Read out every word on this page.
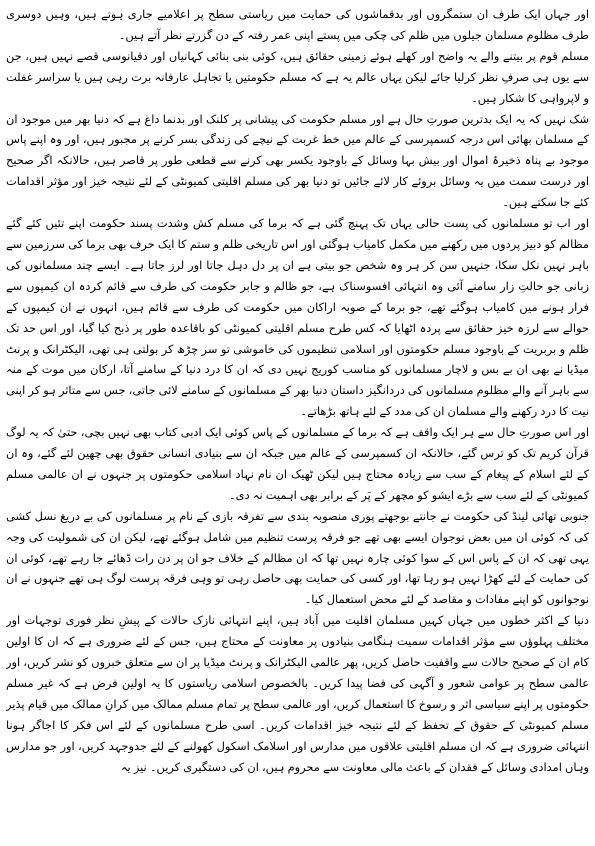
اور جہاں ایک طرف ان ستمگروں اور بدقماشوں کی حمایت میں ریاستی سطح پر اعلامیے جاری ہوتے ہیں، وہیں دوسری طرف مظلوم مسلمان جیلوں میں ظلم کی چکی میں پستے اپنی عمر رفتہ کے دن گزرتے نظر آتے ہیں۔

مسلم قوم پر بیتنے والے یہ واضح اور کھلے ہوئے زمینی حقائق ہیں، کوئی بنی بنائی کہانیاں اور دقیانوسی قصے نہیں ہیں، جن سے یوں ہی صرفِ نظر کرلیا جائے لیکن یہاں عالم یہ ہے کہ مسلم حکومتیں یا تجاہل عارفانہ برت رہی ہیں یا سراسر غفلت و لاپرواہی کا شکار ہیں۔

شک نہیں کہ یہ ایک بدترین صورتِ حال ہے اور مسلم حکومت کی پیشانی پر کلنک اور بدنما داغ ہے کہ دنیا بھر میں موجود ان کے مسلمان بھائی اس درجہ کسمپرسی کے عالم میں خط غربت کے نیچے کی زندگی بسر کرنے پر مجبور ہیں، اور وہ اپنے پاس موجود بے پناہ ذخیرۂ اموال اور بیش بہا وسائل کے باوجود یکسر بھی کرنے سے قطعی طور پر قاصر ہیں، حالانکہ اگر صحیح اور درست سمت میں یہ وسائل بروئے کار لائے جائیں تو دنیا بھر کی مسلم اقلیتی کمیونٹی کے لئے نتیجہ خیز اور مؤثر اقدامات کئے جا سکتے ہیں۔

اور اب تو مسلمانوں کی پست حالی یہاں تک پہنچ گئی ہے کہ برما کی مسلم کش وشدت پسند حکومت اپنے تئیں کئے گئے مظالم کو دبیز پردوں میں رکھنے میں مکمل کامیاب ہوگئی اور اس تاریخی ظلم و ستم کا ایک حرف بھی برما کی سرزمین سے باہر نہیں نکل سکا، جنہیں سن کر ہر وہ شخص جو بیتی ہے ان پر دل دہل جاتا اور لرز جاتا ہے۔ ایسے چند مسلمانوں کی زبانی جو حالتِ زار سامنے آئی وہ انتہائی افسوسناک ہے، جو ظالم و جابر حکومت کی طرف سے قائم کردہ ان کیمپوں سے فرار ہونے میں کامیاب ہوگئے تھے، جو برما کے صوبہ اراکان میں حکومت کی طرف سے قائم ہیں، انہوں نے ان کیمپوں کے حوالے سے لرزہ خیز حقائق سے پردہ اٹھایا کہ کس طرح مسلم اقلیتی کمیونٹی کو باقاعدہ طور پر ذبح کیا گیا، اور اس حد تک ظلم و بربریت کے باوجود مسلم حکومتوں اور اسلامی تنظیموں کی خاموشی تو سر چڑھ کر بولتی ہی تھی، الیکٹرانک و پرنٹ میڈیا نے بھی ان بے بس و لاچار مسلمانوں کو مناسب کوریج نہیں دی کہ ان کا درد دنیا کے سامنے آتا، ارکان میں موت کے منہ سے باہر آنے والے مظلوم مسلمانوں کی دردانگیز داستان دنیا بھر کے مسلمانوں کے سامنے لائی جاتی، جس سے متاثر ہو کر اپنی نیت کا درد رکھنے والے مسلمان ان کی مدد کے لئے ہاتھ بڑھاتے۔

اور اس صورتِ حال سے ہر ایک واقف ہے کہ برما کے مسلمانوں کے پاس کوئی ایک ادبی کتاب بھی نہیں بچی، حتیٰ کہ یہ لوگ قرآن کریم تک کو ترس گئے، حالانکہ ان کسمپرسی کے عالم میں جبکہ ان سے بنیادی انسانی حقوق بھی چھین لئے گئے، وہ ان کے لئے اسلام کے پیغام کے سب سے زیادہ محتاج ہیں لیکن ٹھیک ان نام نہاد اسلامی حکومتوں پر جنہوں نے ان عالمی مسلم کمیونٹی کے لئے سب سے بڑے ایشو کو مچھر کے پَر کے برابر بھی اہمیت نہ دی۔

جنوبی تھائی لینڈ کی حکومت نے جانتے بوجھتے پوری منصوبہ بندی سے تفرقہ بازی کے نام پر مسلمانوں کی بے دریغ نسل کشی کی کہ کوئی ان میں بعض نوجوان ایسے بھی تھے جو فرقہ پرست تنظیم میں شامل ہوگئے تھے، لیکن ان کی شمولیت کی وجہ یہی تھی کہ ان کے پاس اس کے سوا کوئی چارہ نہیں تھا کہ ان مظالم کے خلاف جو ان پر دن رات ڈھائے جا رہے تھے، کوئی ان کی حمایت کے لئے کھڑا نہیں ہو رہا تھا، اور کسی کی حمایت بھی حاصل رہی تو وہی فرقہ پرست لوگ ہی تھے جنہوں نے ان نوجوانوں کو اپنے مفادات و مقاصد کے لئے محض استعمال کیا۔

دنیا کے اکثر خطوں میں جہاں کہیں مسلمان اقلیت میں آباد ہیں، اپنے انتہائی نازک حالات کے پیشِ نظر فوری توجہات اور مختلف پہلوؤں سے مؤثر اقدامات سمیت ہنگامی بنیادوں پر معاونت کے محتاج ہیں، جس کے لئے ضروری ہے کہ ان کا اولین کام ان کے صحیح حالات سے واقفیت حاصل کریں، پھر عالمی الیکٹرانک و پرنٹ میڈیا پر ان سے متعلق خبروں کو نشر کریں، اور عالمی سطح پر عوامی شعور و آگہی کی فضا پیدا کریں۔ بالخصوص اسلامی ریاستوں کا یہ اولین فرض ہے کہ غیر مسلم حکومتوں پر اپنے سیاسی اثر و رسوخ کا استعمال کریں، اور عالمی سطح پر تمام مسلم ممالک میں کرانِ ممالک میں قیام پذیر مسلم کمیونٹی کے حقوق کے تحفظ کے لئے نتیجہ خیز اقدامات کریں۔ اسی طرح مسلمانوں کے لئے اس فکر کا اجاگر ہونا انتہائی ضروری ہے کہ ان مسلم اقلیتی علاقوں میں مدارس اور اسلامک اسکول کھولنے کے لئے جدوجہد کریں، اور جو مدارس وہاں امدادی وسائل کے فقدان کے باعث مالی معاونت سے محروم ہیں، ان کی دستگیری کریں۔ نیز یہ
